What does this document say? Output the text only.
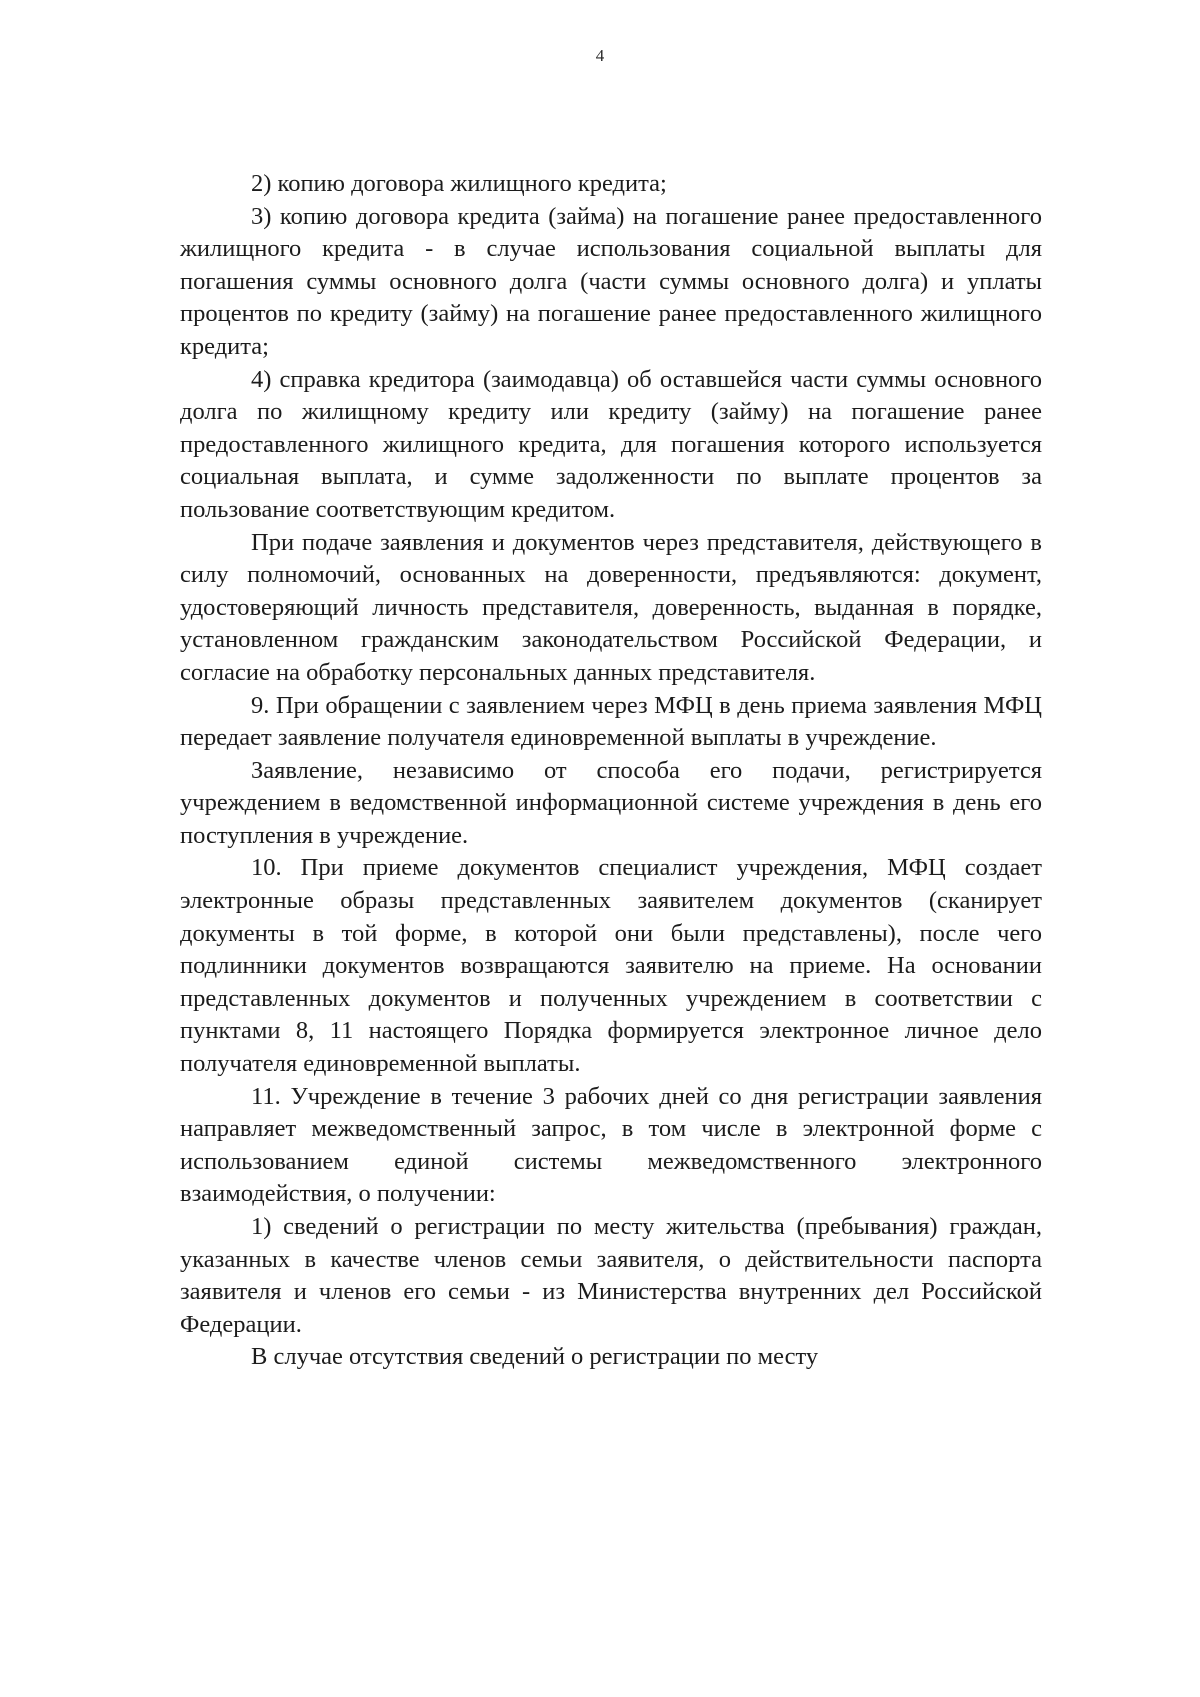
4

2) копию договора жилищного кредита;

3) копию договора кредита (займа) на погашение ранее предоставленного жилищного кредита - в случае использования социальной выплаты для погашения суммы основного долга (части суммы основного долга) и уплаты процентов по кредиту (займу) на погашение ранее предоставленного жилищного кредита;

4) справка кредитора (заимодавца) об оставшейся части суммы основного долга по жилищному кредиту или кредиту (займу) на погашение ранее предоставленного жилищного кредита, для погашения которого используется социальная выплата, и сумме задолженности по выплате процентов за пользование соответствующим кредитом.

При подаче заявления и документов через представителя, действующего в силу полномочий, основанных на доверенности, предъявляются: документ, удостоверяющий личность представителя, доверенность, выданная в порядке, установленном гражданским законодательством Российской Федерации, и согласие на обработку персональных данных представителя.

9. При обращении с заявлением через МФЦ в день приема заявления МФЦ передает заявление получателя единовременной выплаты в учреждение.

Заявление, независимо от способа его подачи, регистрируется учреждением в ведомственной информационной системе учреждения в день его поступления в учреждение.

10. При приеме документов специалист учреждения, МФЦ создает электронные образы представленных заявителем документов (сканирует документы в той форме, в которой они были представлены), после чего подлинники документов возвращаются заявителю на приеме. На основании представленных документов и полученных учреждением в соответствии с пунктами 8, 11 настоящего Порядка формируется электронное личное дело получателя единовременной выплаты.

11. Учреждение в течение 3 рабочих дней со дня регистрации заявления направляет межведомственный запрос, в том числе в электронной форме с использованием единой системы межведомственного электронного взаимодействия, о получении:

1) сведений о регистрации по месту жительства (пребывания) граждан, указанных в качестве членов семьи заявителя, о действительности паспорта заявителя и членов его семьи - из Министерства внутренних дел Российской Федерации.

В случае отсутствия сведений о регистрации по месту
